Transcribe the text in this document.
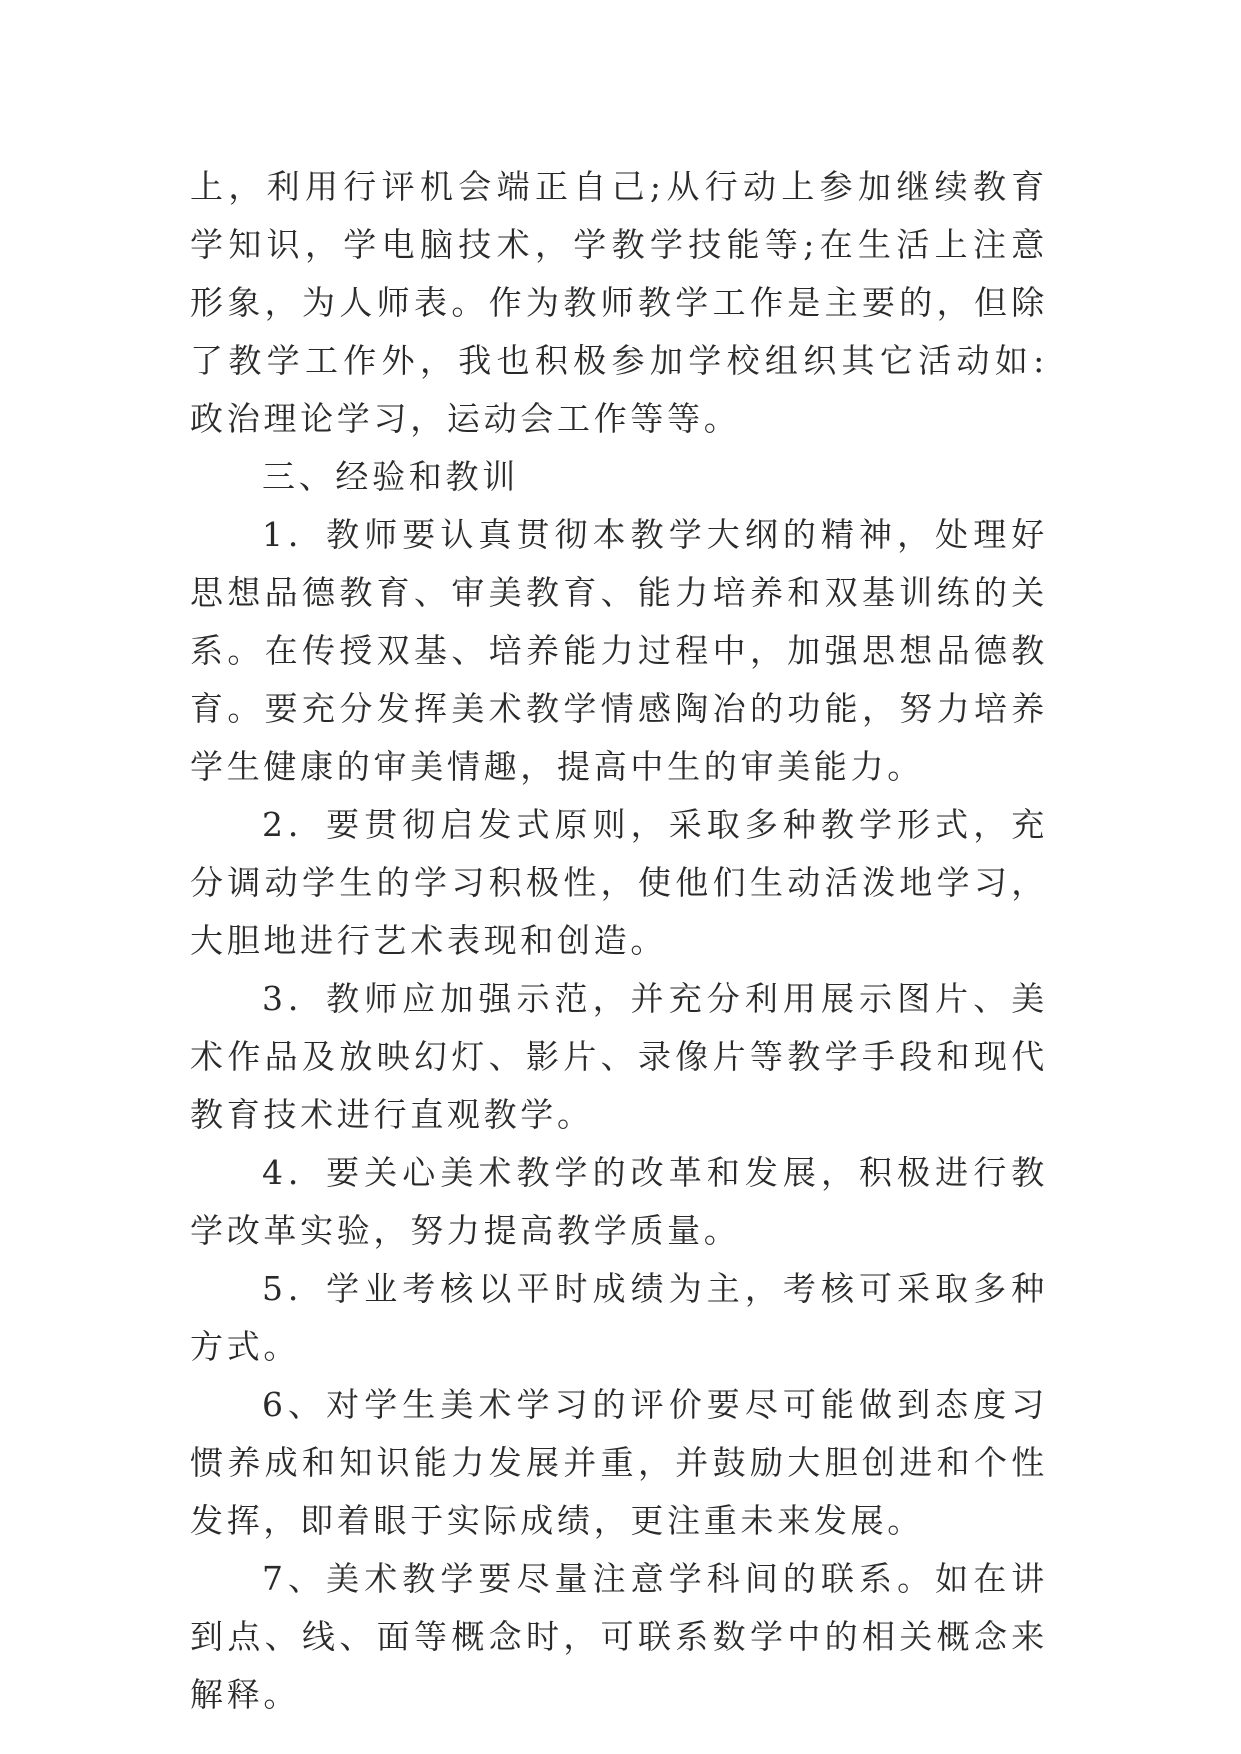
上，利用行评机会端正自己;从行动上参加继续教育学知识，学电脑技术，学教学技能等;在生活上注意形象，为人师表。作为教师教学工作是主要的，但除了教学工作外，我也积极参加学校组织其它活动如:政治理论学习，运动会工作等等。

三、经验和教训

1．教师要认真贯彻本教学大纲的精神，处理好思想品德教育、审美教育、能力培养和双基训练的关系。在传授双基、培养能力过程中，加强思想品德教育。要充分发挥美术教学情感陶冶的功能，努力培养学生健康的审美情趣，提高中生的审美能力。

2．要贯彻启发式原则，采取多种教学形式，充分调动学生的学习积极性，使他们生动活泼地学习，大胆地进行艺术表现和创造。

3．教师应加强示范，并充分利用展示图片、美术作品及放映幻灯、影片、录像片等教学手段和现代教育技术进行直观教学。

4．要关心美术教学的改革和发展，积极进行教学改革实验，努力提高教学质量。

5．学业考核以平时成绩为主，考核可采取多种方式。

6、对学生美术学习的评价要尽可能做到态度习惯养成和知识能力发展并重，并鼓励大胆创进和个性发挥，即着眼于实际成绩，更注重未来发展。

7、美术教学要尽量注意学科间的联系。如在讲到点、线、面等概念时，可联系数学中的相关概念来解释。
